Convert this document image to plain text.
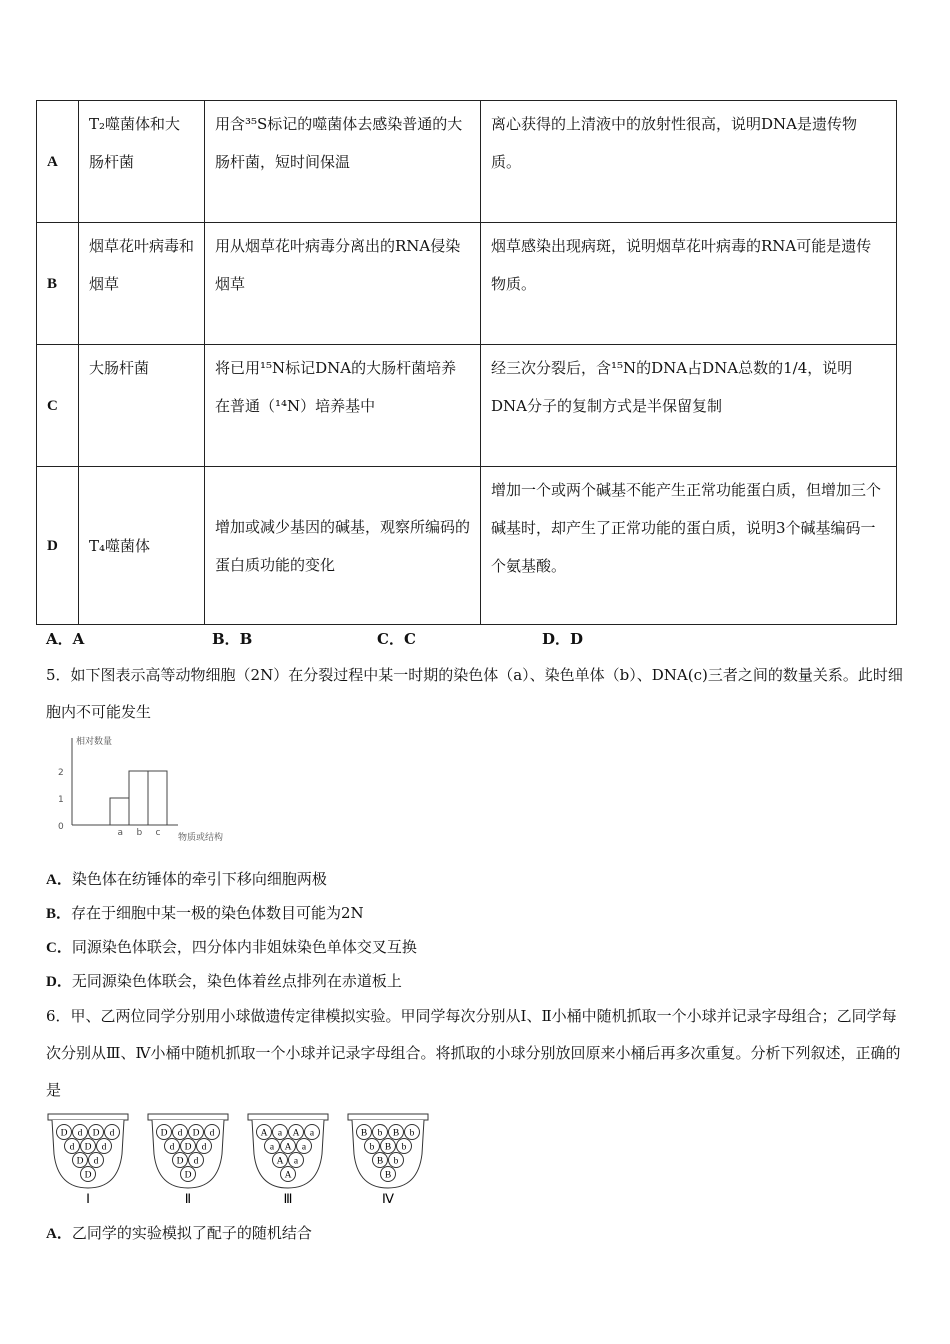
A	T₂噬菌体和大肠杆菌	用含³⁵S标记的噬菌体去感染普通的大肠杆菌，短时间保温	离心获得的上清液中的放射性很高，说明DNA是遗传物质。

B	烟草花叶病毒和烟草	用从烟草花叶病毒分离出的RNA侵染烟草	烟草感染出现病斑，说明烟草花叶病毒的RNA可能是遗传物质。

C	大肠杆菌	将已用¹⁵N标记DNA的大肠杆菌培养在普通（¹⁴N）培养基中	经三次分裂后，含¹⁵N的DNA占DNA总数的1/4，说明DNA分子的复制方式是半保留复制

D	T₄噬菌体	增加或减少基因的碱基，观察所编码的蛋白质功能的变化	增加一个或两个碱基不能产生正常功能蛋白质，但增加三个碱基时，却产生了正常功能的蛋白质，说明3个碱基编码一个氨基酸。
A．A	B．B	C．C	D．D
5．如下图表示高等动物细胞（2N）在分裂过程中某一时期的染色体（a）、染色单体（b）、DNA(c)三者之间的数量关系。此时细胞内不可能发生
相对数量
物质或结构
0
1
2
a b c
A．染色体在纺锤体的牵引下移向细胞两极
B．存在于细胞中某一极的染色体数目可能为2N
C．同源染色体联会，四分体内非姐妹染色单体交叉互换
D．无同源染色体联会，染色体着丝点排列在赤道板上
6．甲、乙两位同学分别用小球做遗传定律模拟实验。甲同学每次分别从Ⅰ、Ⅱ小桶中随机抓取一个小球并记录字母组合；乙同学每次分别从Ⅲ、Ⅳ小桶中随机抓取一个小球并记录字母组合。将抓取的小球分别放回原来小桶后再多次重复。分析下列叙述，正确的是
D d D d
d D d
D d
D
Ⅰ
D d D d
d D d
D d
D
Ⅱ
A a A a
a A a
A a
A
Ⅲ
B b B b
b B b
B b
B
Ⅳ
A．乙同学的实验模拟了配子的随机结合
